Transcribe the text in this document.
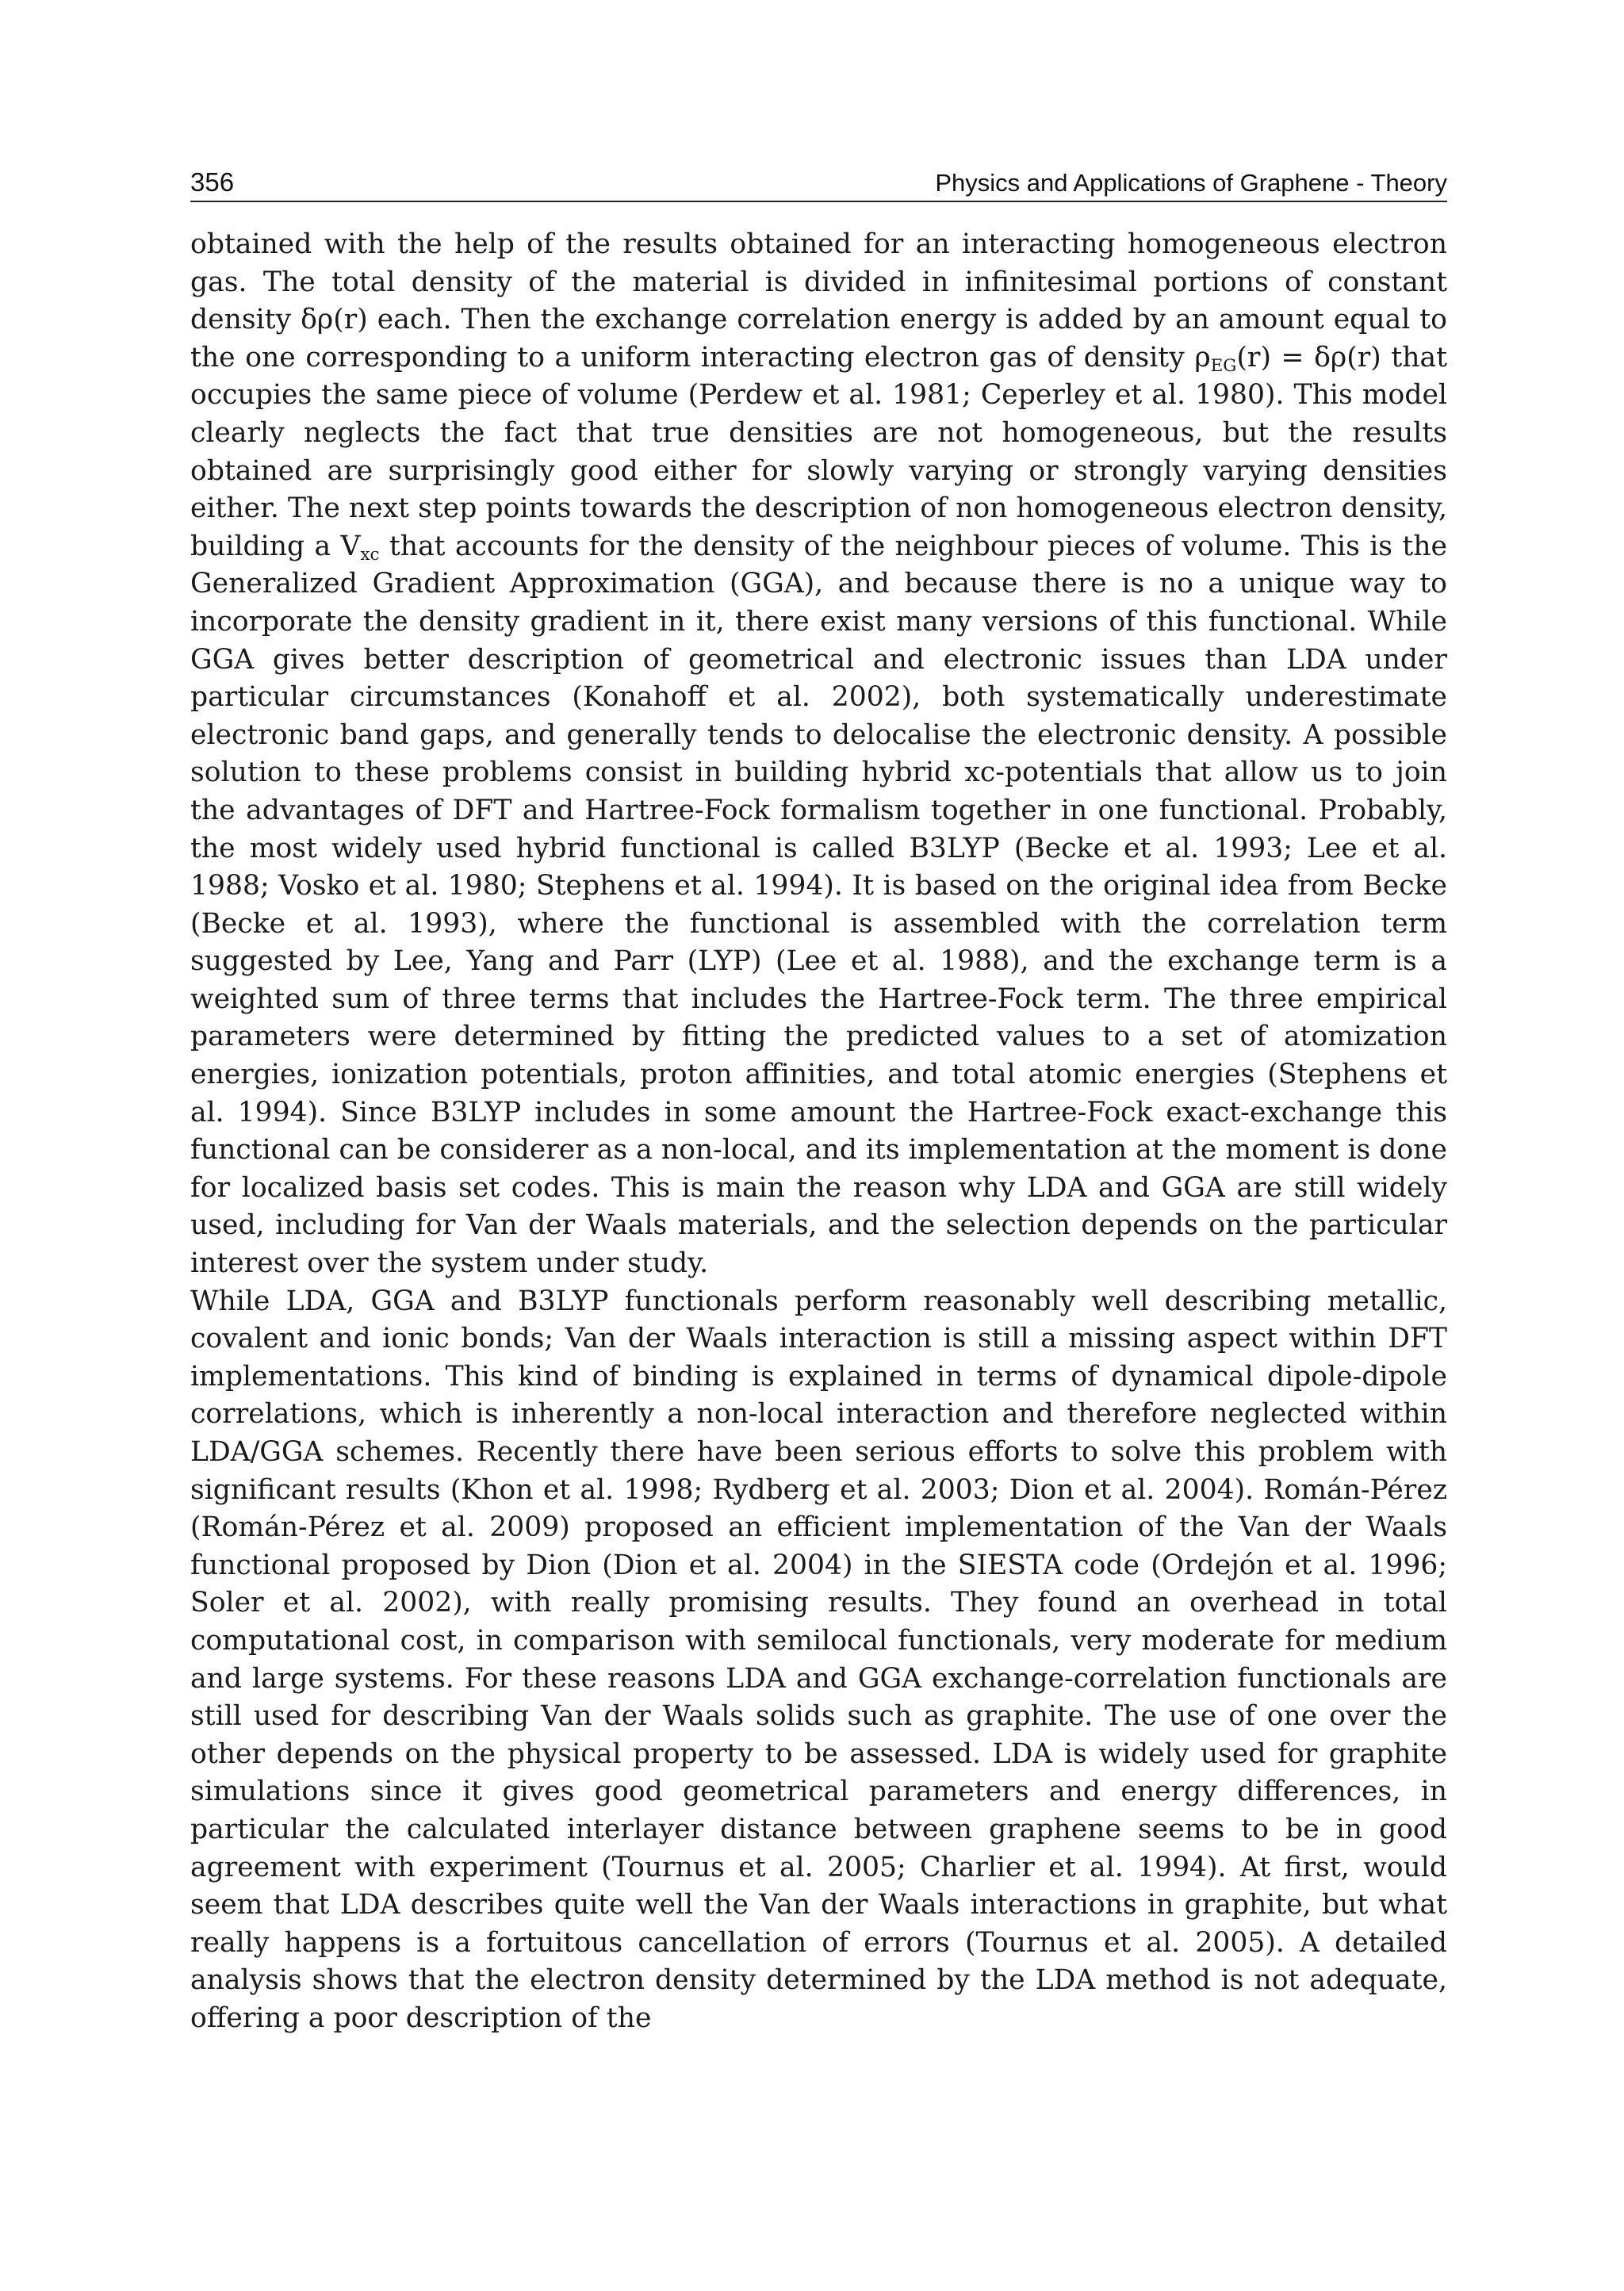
356	Physics and Applications of Graphene - Theory

obtained with the help of the results obtained for an interacting homogeneous electron gas. The total density of the material is divided in infinitesimal portions of constant density δρ(r) each. Then the exchange correlation energy is added by an amount equal to the one corresponding to a uniform interacting electron gas of density $\rho_{EG}(r) = \delta\rho(r)$ that occupies the same piece of volume (Perdew et al. 1981; Ceperley et al. 1980). This model clearly neglects the fact that true densities are not homogeneous, but the results obtained are surprisingly good either for slowly varying or strongly varying densities either. The next step points towards the description of non homogeneous electron density, building a $V_{xc}$ that accounts for the density of the neighbour pieces of volume. This is the Generalized Gradient Approximation (GGA), and because there is no a unique way to incorporate the density gradient in it, there exist many versions of this functional. While GGA gives better description of geometrical and electronic issues than LDA under particular circumstances (Konahoff et al. 2002), both systematically underestimate electronic band gaps, and generally tends to delocalise the electronic density. A possible solution to these problems consist in building hybrid xc-potentials that allow us to join the advantages of DFT and Hartree-Fock formalism together in one functional. Probably, the most widely used hybrid functional is called B3LYP (Becke et al. 1993; Lee et al. 1988; Vosko et al. 1980; Stephens et al. 1994). It is based on the original idea from Becke (Becke et al. 1993), where the functional is assembled with the correlation term suggested by Lee, Yang and Parr (LYP) (Lee et al. 1988), and the exchange term is a weighted sum of three terms that includes the Hartree-Fock term. The three empirical parameters were determined by fitting the predicted values to a set of atomization energies, ionization potentials, proton affinities, and total atomic energies (Stephens et al. 1994). Since B3LYP includes in some amount the Hartree-Fock exact-exchange this functional can be considerer as a non-local, and its implementation at the moment is done for localized basis set codes. This is main the reason why LDA and GGA are still widely used, including for Van der Waals materials, and the selection depends on the particular interest over the system under study.

While LDA, GGA and B3LYP functionals perform reasonably well describing metallic, covalent and ionic bonds; Van der Waals interaction is still a missing aspect within DFT implementations. This kind of binding is explained in terms of dynamical dipole-dipole correlations, which is inherently a non-local interaction and therefore neglected within LDA/GGA schemes. Recently there have been serious efforts to solve this problem with significant results (Khon et al. 1998; Rydberg et al. 2003; Dion et al. 2004). Román-Pérez (Román-Pérez et al. 2009) proposed an efficient implementation of the Van der Waals functional proposed by Dion (Dion et al. 2004) in the SIESTA code (Ordejón et al. 1996; Soler et al. 2002), with really promising results. They found an overhead in total computational cost, in comparison with semilocal functionals, very moderate for medium and large systems. For these reasons LDA and GGA exchange-correlation functionals are still used for describing Van der Waals solids such as graphite. The use of one over the other depends on the physical property to be assessed. LDA is widely used for graphite simulations since it gives good geometrical parameters and energy differences, in particular the calculated interlayer distance between graphene seems to be in good agreement with experiment (Tournus et al. 2005; Charlier et al. 1994). At first, would seem that LDA describes quite well the Van der Waals interactions in graphite, but what really happens is a fortuitous cancellation of errors (Tournus et al. 2005). A detailed analysis shows that the electron density determined by the LDA method is not adequate, offering a poor description of the
